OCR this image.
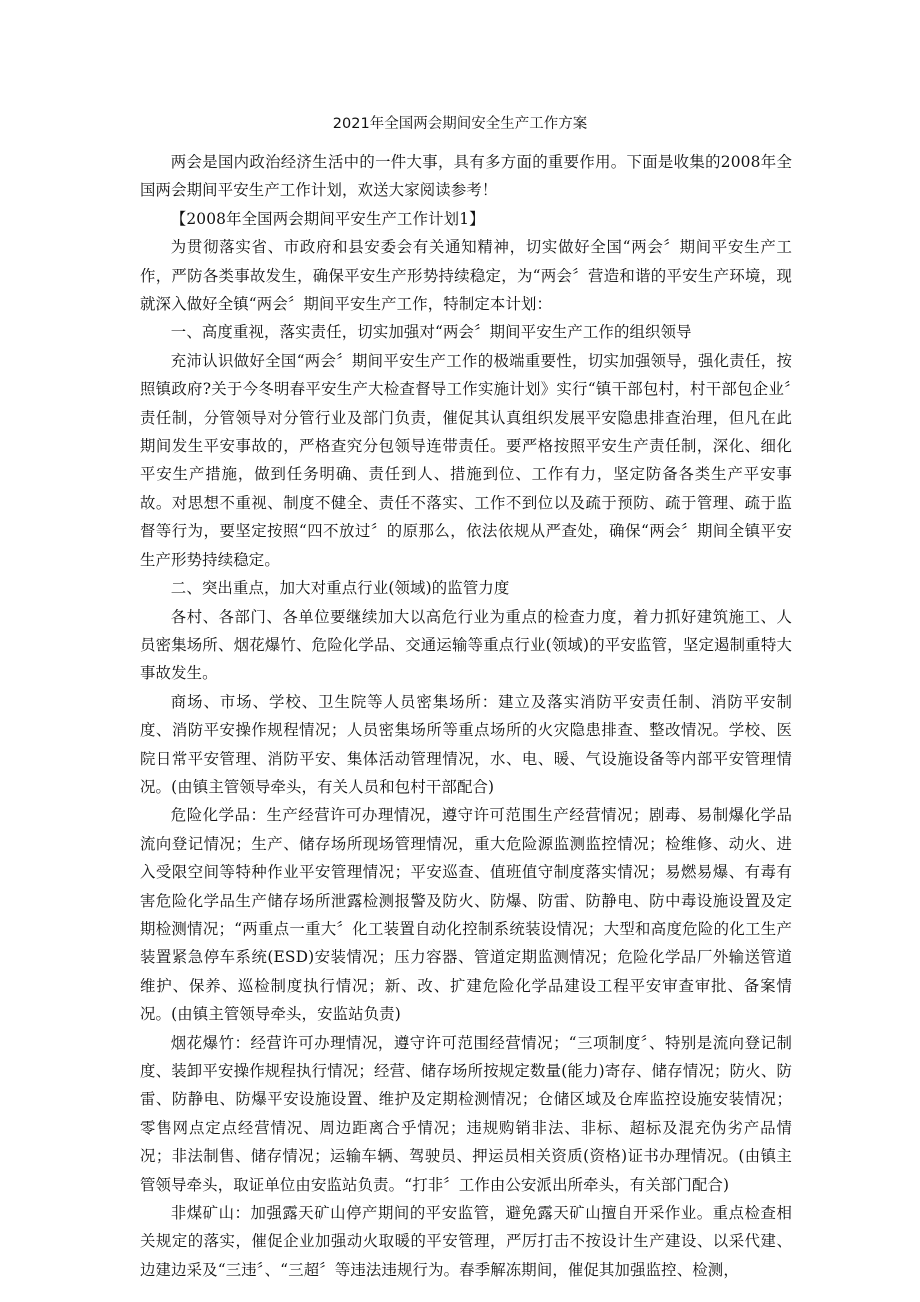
2021年全国两会期间安全生产工作方案

两会是国内政治经济生活中的一件大事，具有多方面的重要作用。下面是收集的2008年全国两会期间平安生产工作计划，欢送大家阅读参考！

【2008年全国两会期间平安生产工作计划1】

为贯彻落实省、市政府和县安委会有关通知精神，切实做好全国“两会〞期间平安生产工作，严防各类事故发生，确保平安生产形势持续稳定，为“两会〞营造和谐的平安生产环境，现就深入做好全镇“两会〞期间平安生产工作，特制定本计划：

一、高度重视，落实责任，切实加强对“两会〞期间平安生产工作的组织领导

充沛认识做好全国“两会〞期间平安生产工作的极端重要性，切实加强领导，强化责任，按照镇政府?关于今冬明春平安生产大检查督导工作实施计划》实行“镇干部包村，村干部包企业〞责任制，分管领导对分管行业及部门负责，催促其认真组织发展平安隐患排查治理，但凡在此期间发生平安事故的，严格查究分包领导连带责任。要严格按照平安生产责任制，深化、细化平安生产措施，做到任务明确、责任到人、措施到位、工作有力，坚定防备各类生产平安事故。对思想不重视、制度不健全、责任不落实、工作不到位以及疏于预防、疏于管理、疏于监督等行为，要坚定按照“四不放过〞的原那么，依法依规从严查处，确保“两会〞期间全镇平安生产形势持续稳定。

二、突出重点，加大对重点行业(领域)的监管力度

各村、各部门、各单位要继续加大以高危行业为重点的检查力度，着力抓好建筑施工、人员密集场所、烟花爆竹、危险化学品、交通运输等重点行业(领域)的平安监管，坚定遏制重特大事故发生。

商场、市场、学校、卫生院等人员密集场所：建立及落实消防平安责任制、消防平安制度、消防平安操作规程情况；人员密集场所等重点场所的火灾隐患排查、整改情况。学校、医院日常平安管理、消防平安、集体活动管理情况，水、电、暖、气设施设备等内部平安管理情况。(由镇主管领导牵头，有关人员和包村干部配合)

危险化学品：生产经营许可办理情况，遵守许可范围生产经营情况；剧毒、易制爆化学品流向登记情况；生产、储存场所现场管理情况，重大危险源监测监控情况；检维修、动火、进入受限空间等特种作业平安管理情况；平安巡查、值班值守制度落实情况；易燃易爆、有毒有害危险化学品生产储存场所泄露检测报警及防火、防爆、防雷、防静电、防中毒设施设置及定期检测情况；“两重点一重大〞化工装置自动化控制系统装设情况；大型和高度危险的化工生产装置紧急停车系统(ESD)安装情况；压力容器、管道定期监测情况；危险化学品厂外输送管道维护、保养、巡检制度执行情况；新、改、扩建危险化学品建设工程平安审查审批、备案情况。(由镇主管领导牵头，安监站负责)

烟花爆竹：经营许可办理情况，遵守许可范围经营情况；“三项制度〞、特别是流向登记制度、装卸平安操作规程执行情况；经营、储存场所按规定数量(能力)寄存、储存情况；防火、防雷、防静电、防爆平安设施设置、维护及定期检测情况；仓储区域及仓库监控设施安装情况；零售网点定点经营情况、周边距离合乎情况；违规购销非法、非标、超标及混充伪劣产品情况；非法制售、储存情况；运输车辆、驾驶员、押运员相关资质(资格)证书办理情况。(由镇主管领导牵头，取证单位由安监站负责。“打非〞工作由公安派出所牵头，有关部门配合)

非煤矿山：加强露天矿山停产期间的平安监管，避免露天矿山擅自开采作业。重点检查相关规定的落实，催促企业加强动火取暖的平安管理，严厉打击不按设计生产建设、以采代建、边建边采及“三违〞、“三超〞等违法违规行为。春季解冻期间，催促其加强监控、检测，
